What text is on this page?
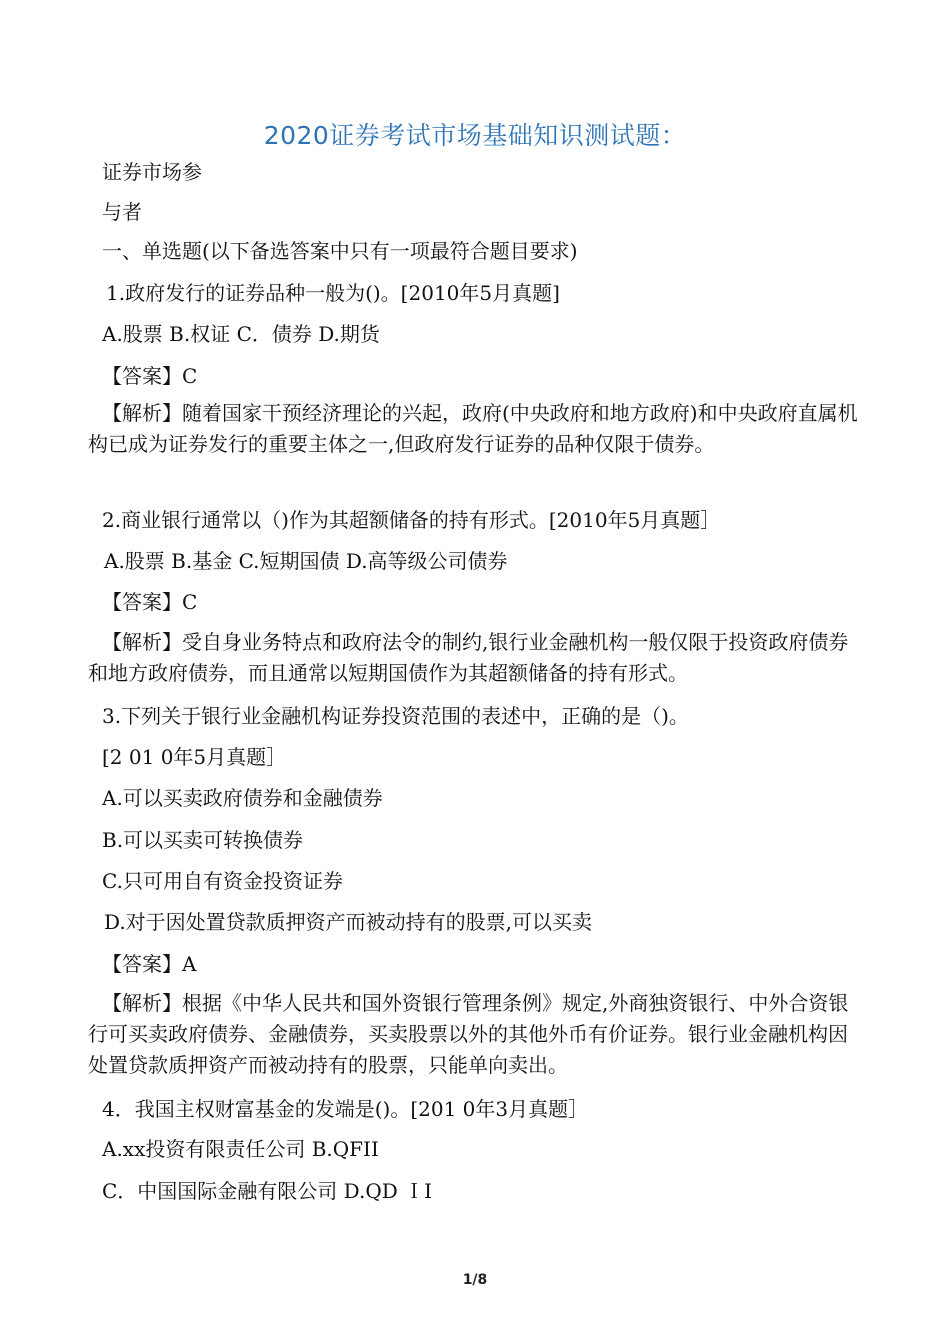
2020证券考试市场基础知识测试题：
证券市场参
与者
一、单选题(以下备选答案中只有一项最符合题目要求)
1.政府发行的证券品种一般为()。[2010年5月真题]
A.股票 B.权证 C．债券 D.期货
【答案】C
【解析】随着国家干预经济理论的兴起，政府(中央政府和地方政府)和中央政府直属机构已成为证券发行的重要主体之一,但政府发行证券的品种仅限于债券。
2.商业银行通常以（)作为其超额储备的持有形式。[2010年5月真题］
A.股票 B.基金 C.短期国债 D.高等级公司债券
【答案】C
【解析】受自身业务特点和政府法令的制约,银行业金融机构一般仅限于投资政府债券和地方政府债券，而且通常以短期国债作为其超额储备的持有形式。
3.下列关于银行业金融机构证券投资范围的表述中，正确的是（)。
[2 01 0年5月真题］
A.可以买卖政府债券和金融债券
B.可以买卖可转换债券
C.只可用自有资金投资证券
D.对于因处置贷款质押资产而被动持有的股票,可以买卖
【答案】A
【解析】根据《中华人民共和国外资银行管理条例》规定,外商独资银行、中外合资银行可买卖政府债券、金融债券，买卖股票以外的其他外币有价证券。银行业金融机构因处置贷款质押资产而被动持有的股票，只能单向卖出。
4．我国主权财富基金的发端是()。[201 0年3月真题］
A.xx投资有限责任公司 B.QFII
C．中国国际金融有限公司 D.QD ＩI
1/8
